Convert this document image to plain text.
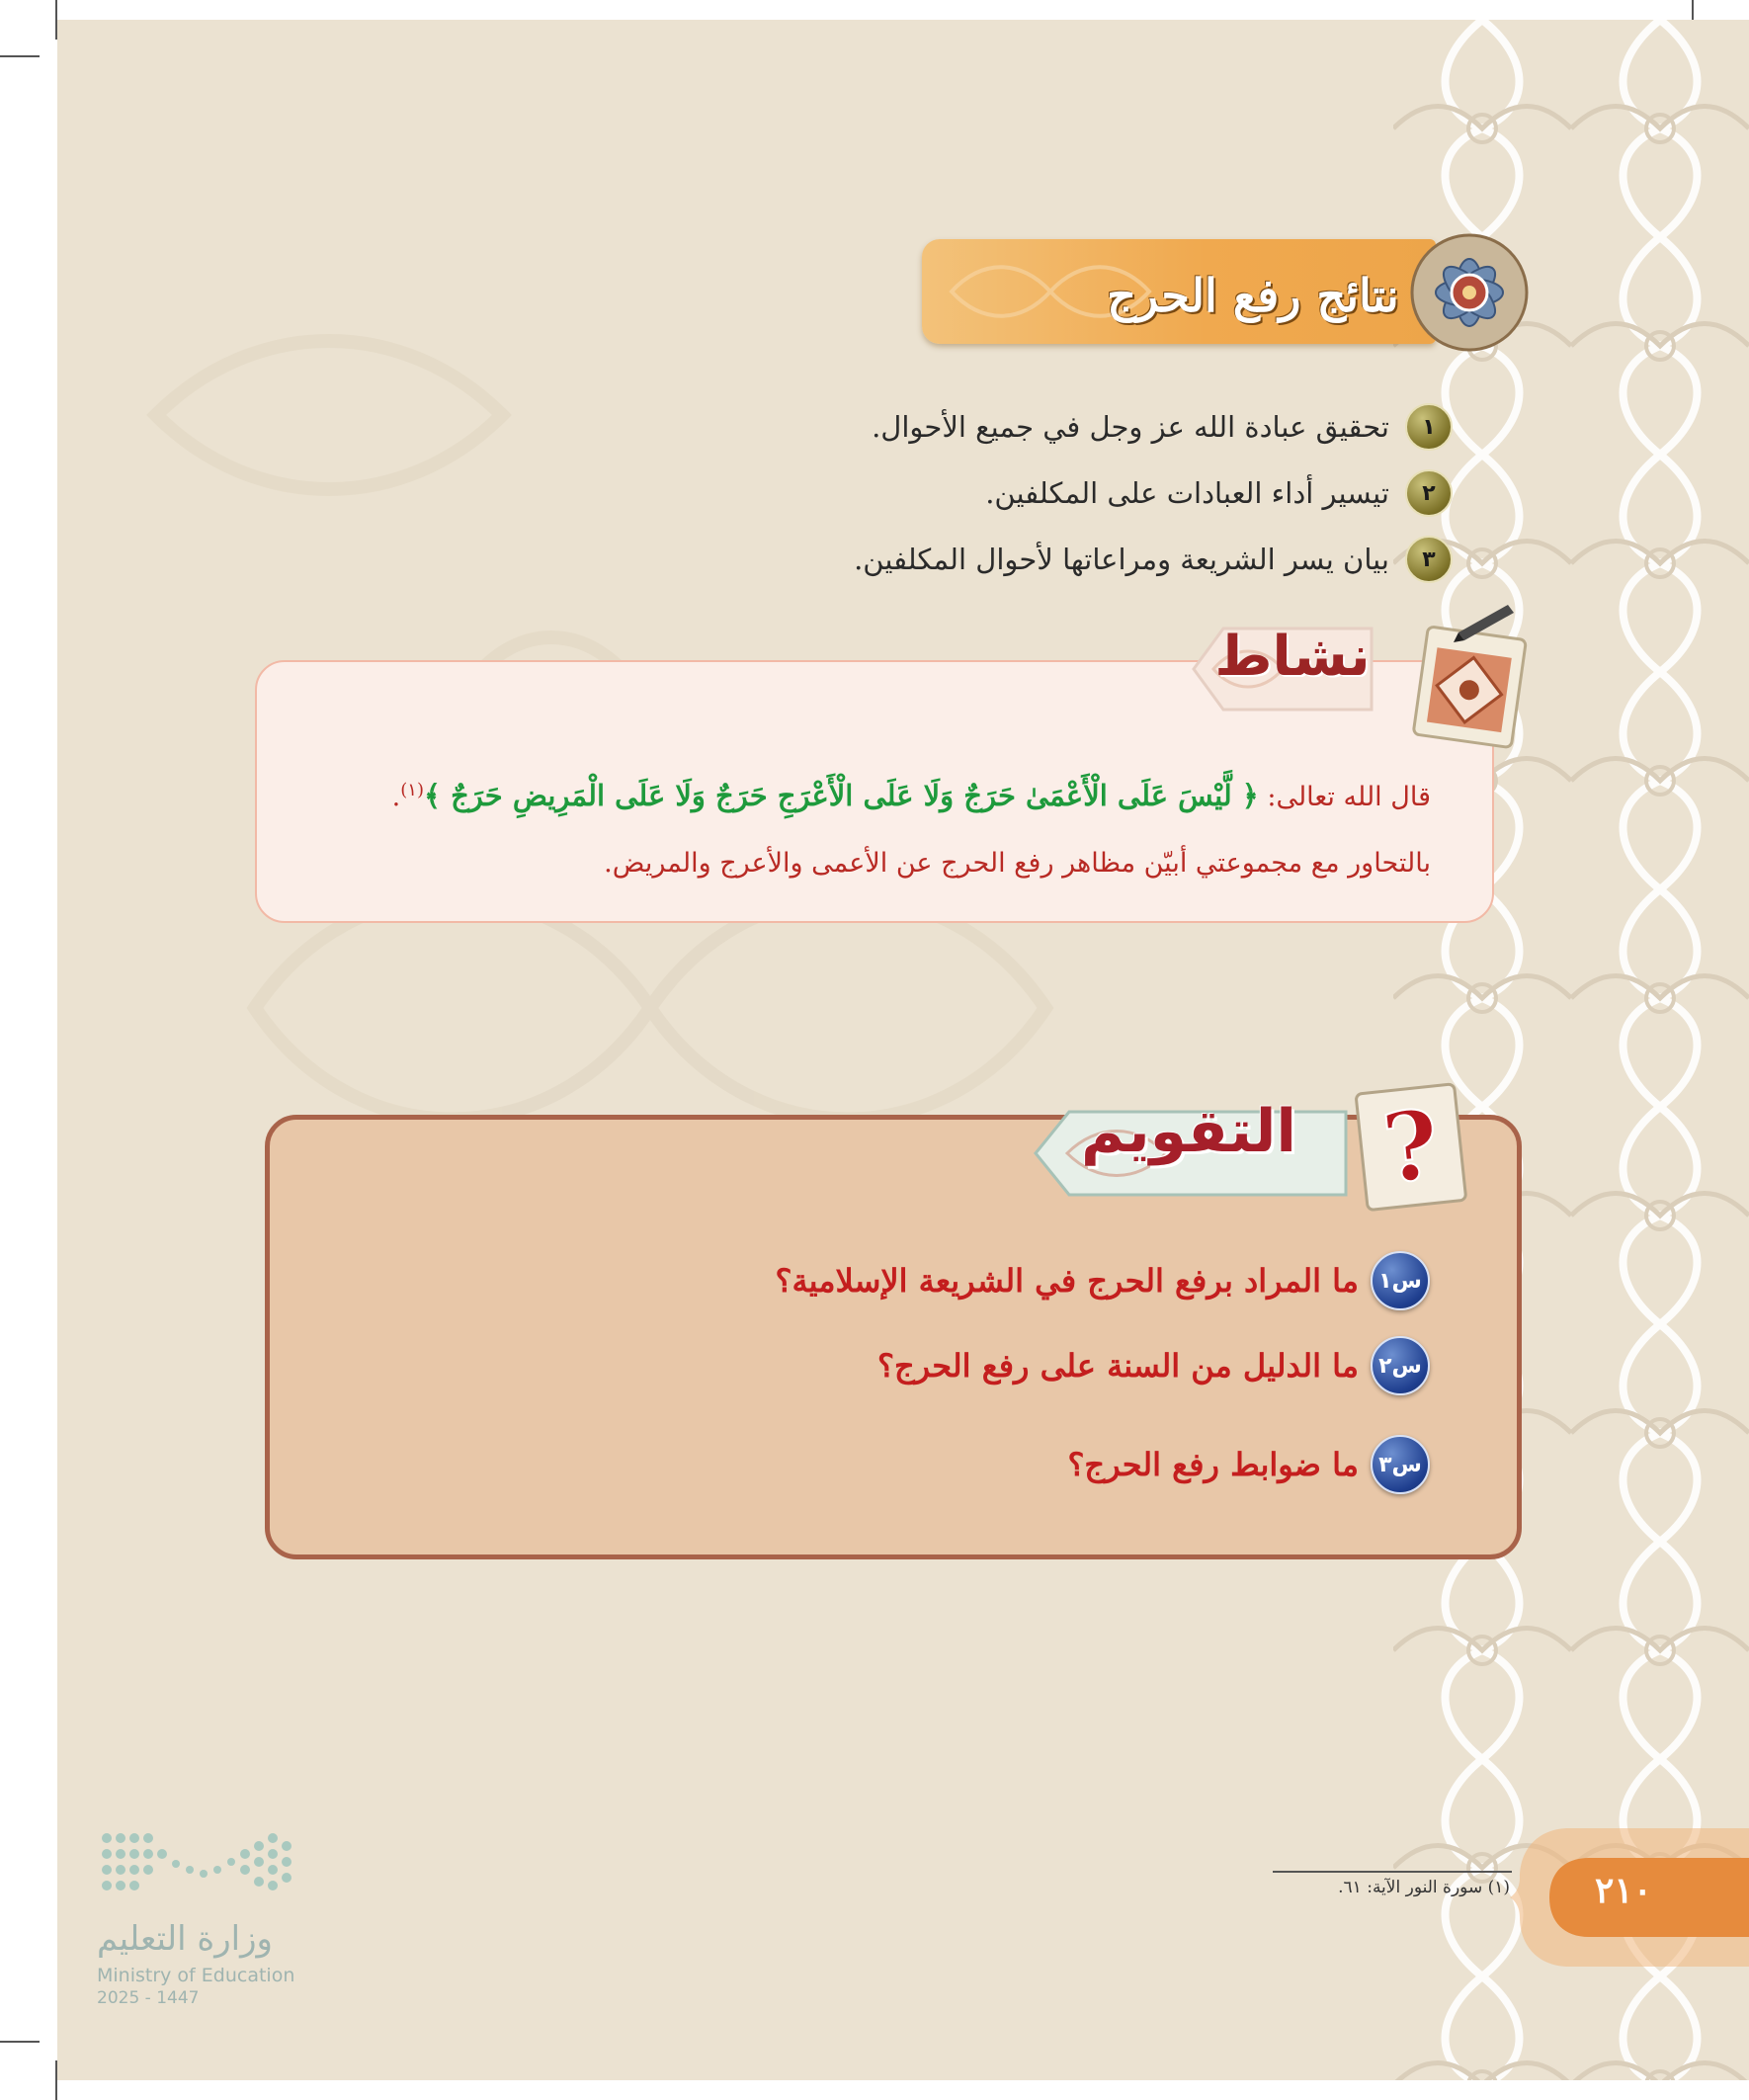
نتائج رفع الحرج
١
تحقيق عبادة الله عز وجل في جميع الأحوال.
٢
تيسير أداء العبادات على المكلفين.
٣
بيان يسر الشريعة ومراعاتها لأحوال المكلفين.
نشاط
قال الله تعالى: ﴿ لَّيْسَ عَلَى الْأَعْمَىٰ حَرَجٌ وَلَا عَلَى الْأَعْرَجِ حَرَجٌ وَلَا عَلَى الْمَرِيضِ حَرَجٌ ﴾$^{(١)}$.
بالتحاور مع مجموعتي أبيّن مظاهر رفع الحرج عن الأعمى والأعرج والمريض.
التقويم ?
س١
ما المراد برفع الحرج في الشريعة الإسلامية؟
س٢
ما الدليل من السنة على رفع الحرج؟
س٣
ما ضوابط رفع الحرج؟
(١) سورة النور الآية: ٦١.	٢١٠
وزارة التعليم
Ministry of Education
2025 - 1447
